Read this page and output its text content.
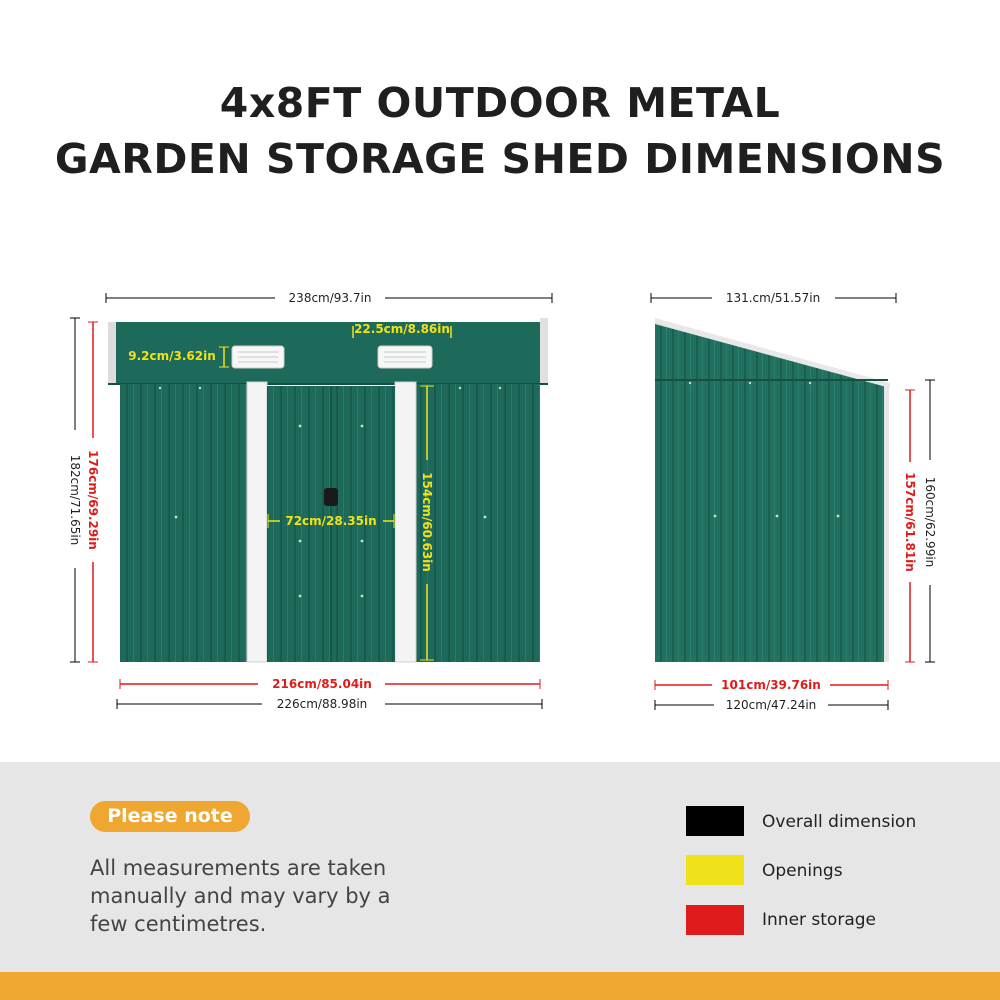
4x8FT OUTDOOR METAL
GARDEN STORAGE SHED DIMENSIONS
238cm/93.7in
22.5cm/8.86in
9.2cm/3.62in
72cm/28.35in	154cm/60.63in
176cm/69.29in
182cm/71.65in
216cm/85.04in
226cm/88.98in
131.cm/51.57in
160cm/62.99in
157cm/61.81in
101cm/39.76in
120cm/47.24in
Please note
All measurements are taken manually and may vary by a few centimetres.
Overall dimension
Openings
Inner storage
